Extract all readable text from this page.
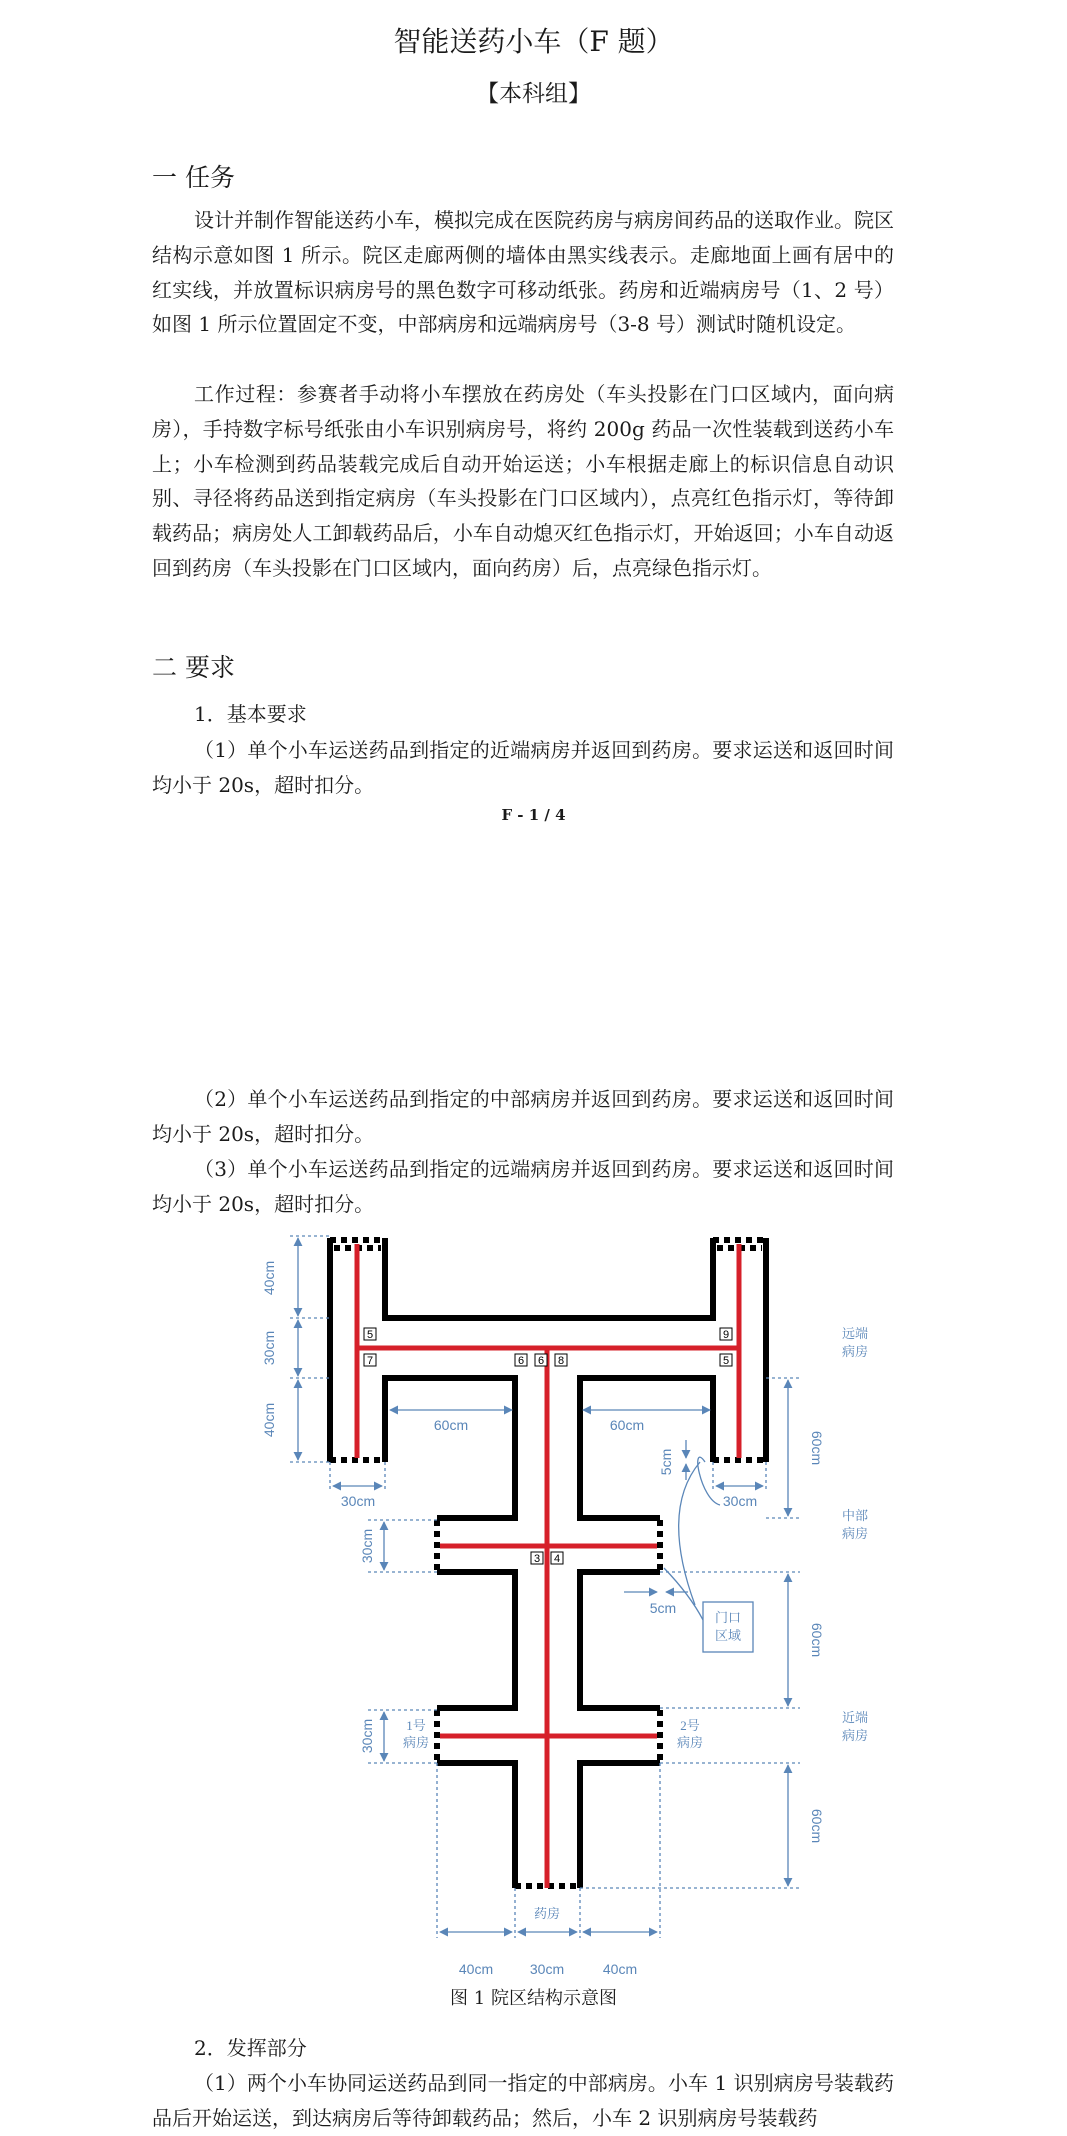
智能送药小车（F 题）
【本科组】
一 任务

设计并制作智能送药小车，模拟完成在医院药房与病房间药品的送取作业。院区结构示意如图 1 所示。院区走廊两侧的墙体由黑实线表示。走廊地面上画有居中的红实线，并放置标识病房号的黑色数字可移动纸张。药房和近端病房号（1、2 号）如图 1 所示位置固定不变，中部病房和远端病房号（3-8 号）测试时随机设定。

工作过程：参赛者手动将小车摆放在药房处（车头投影在门口区域内，面向病房），手持数字标号纸张由小车识别病房号，将约 200g 药品一次性装载到送药小车上；小车检测到药品装载完成后自动开始运送；小车根据走廊上的标识信息自动识别、寻径将药品送到指定病房（车头投影在门口区域内），点亮红色指示灯，等待卸载药品；病房处人工卸载药品后，小车自动熄灭红色指示灯，开始返回；小车自动返回到药房（车头投影在门口区域内，面向药房）后，点亮绿色指示灯。

二 要求
1．基本要求

（1）单个小车运送药品到指定的近端病房并返回到药房。要求运送和返回时间均小于 20s，超时扣分。

F - 1 / 4

（2）单个小车运送药品到指定的中部病房并返回到药房。要求运送和返回时间均小于 20s，超时扣分。

（3）单个小车运送药品到指定的远端病房并返回到药房。要求运送和返回时间均小于 20s，超时扣分。

5
7	6 6 8
9
5
3 4
40cm
30cm
40cm	60cm	60cm
5cm	60cm
30cm	30cm
30cm
5cm
60cm
30cm
60cm
40cm	30cm	40cm
远端
病房
中部病房
近端病房
门口
区域
1号
病房
2号
病房
药房
图 1 院区结构示意图
2．发挥部分

（1）两个小车协同运送药品到同一指定的中部病房。小车 1 识别病房号装载药品后开始运送，到达病房后等待卸载药品；然后，小车 2 识别病房号装载药
